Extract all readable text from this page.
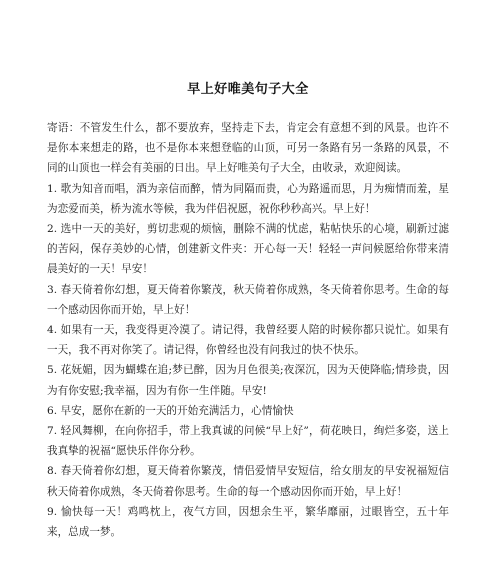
早上好唯美句子大全

寄语：不管发生什么，都不要放弃，坚持走下去，肯定会有意想不到的风景。也许不是你本来想走的路，也不是你本来想登临的山顶，可另一条路有另一条路的风景，不同的山顶也一样会有美丽的日出。早上好唯美句子大全，由收录，欢迎阅读。

1. 歌为知音而唱，酒为亲信而醉，情为同隔而贵，心为路遥而思，月为痴情而羞，星为恋爱而美，桥为流水等候，我为伴侣祝愿，祝你秒秒高兴。早上好！

2. 选中一天的美好，剪切悲观的烦恼，删除不满的忧虑，粘帖快乐的心境，刷新过滤的苦闷，保存美妙的心情，创建新文件夹：开心每一天！轻轻一声问候愿给你带来清晨美好的一天！早安！

3. 春天倚着你幻想，夏天倚着你繁茂，秋天倚着你成熟，冬天倚着你思考。生命的每一个感动因你而开始，早上好！

4. 如果有一天，我变得更冷漠了。请记得，我曾经要人陪的时候你都只说忙。如果有一天，我不再对你笑了。请记得，你曾经也没有问我过的快不快乐。

5. 花妩媚，因为蝴蝶在追;梦已醉，因为月色很美;夜深沉，因为天使降临;情珍贵，因为有你安慰;我幸福，因为有你一生伴随。早安!

6. 早安，愿你在新的一天的开始充满活力，心情愉快

7. 轻风舞柳，在向你招手，带上我真诚的问候“早上好”，荷花映日，绚烂多姿，送上我真挚的祝福“愿快乐伴你分秒。

8. 春天倚着你幻想，夏天倚着你繁茂，情侣爱情早安短信，给女朋友的早安祝福短信秋天倚着你成熟，冬天倚着你思考。生命的每一个感动因你而开始，早上好！

9. 愉快每一天！鸡鸣枕上，夜气方回，因想余生平，繁华靡丽，过眼皆空，五十年来，总成一梦。
